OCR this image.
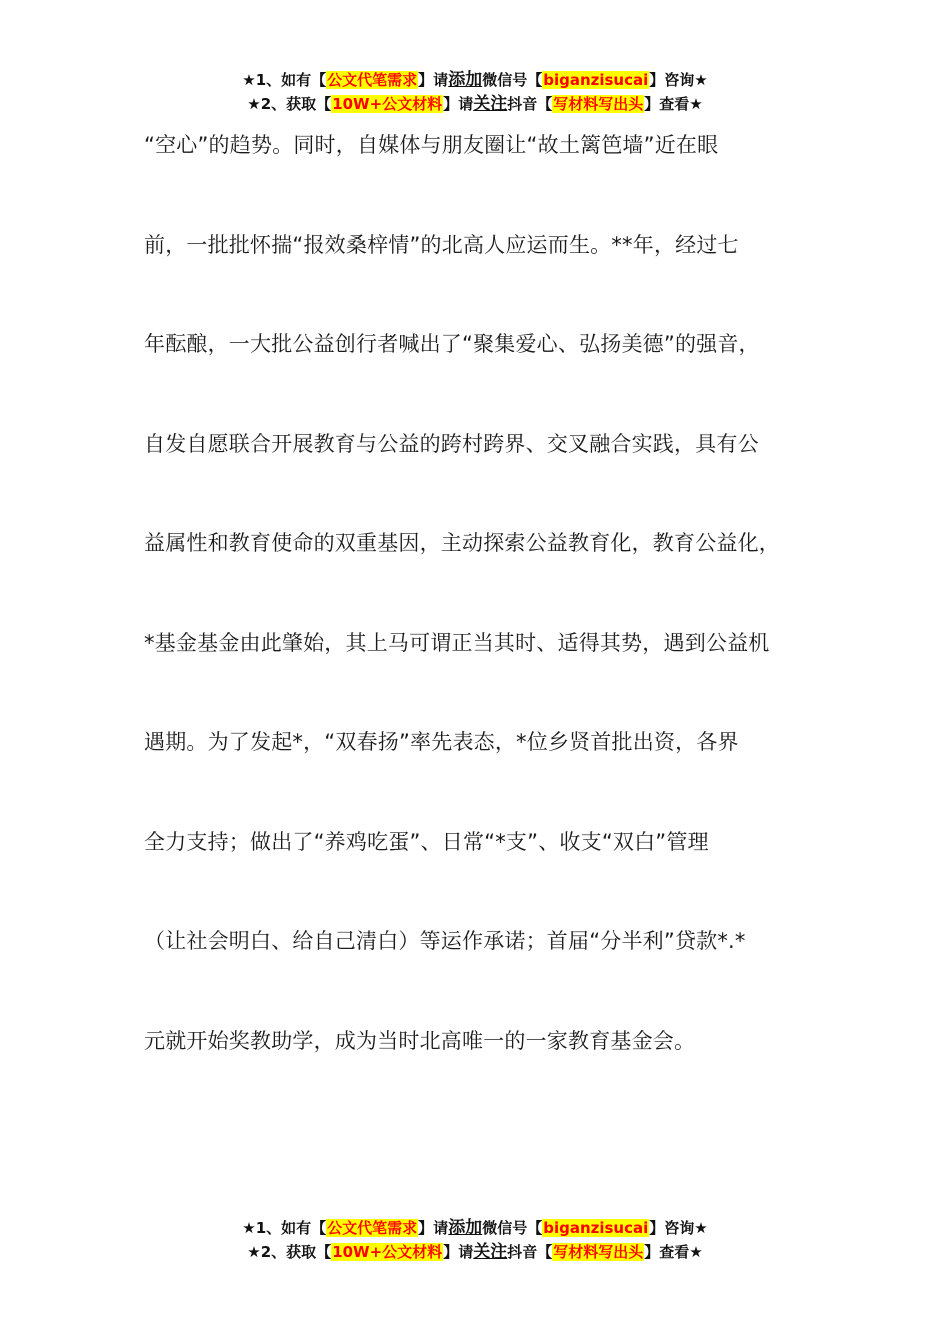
★1、如有【公文代笔需求】请添加微信号【biganzisucai】咨询★
★2、获取【10W+公文材料】请关注抖音【写材料写出头】查看★
“空心”的趋势。同时，自媒体与朋友圈让“故土篱笆墙”近在眼
前，一批批怀揣“报效桑梓情”的北高人应运而生。**年，经过七
年酝酿，一大批公益创行者喊出了“聚集爱心、弘扬美德”的强音，
自发自愿联合开展教育与公益的跨村跨界、交叉融合实践，具有公
益属性和教育使命的双重基因，主动探索公益教育化，教育公益化，
*基金基金由此肇始，其上马可谓正当其时、适得其势，遇到公益机
遇期。为了发起*，“双春扬”率先表态，*位乡贤首批出资，各界
全力支持；做出了“养鸡吃蛋”、日常“*支”、收支“双白”管理
（让社会明白、给自己清白）等运作承诺；首届“分半利”贷款*.*
元就开始奖教助学，成为当时北高唯一的一家教育基金会。
★1、如有【公文代笔需求】请添加微信号【biganzisucai】咨询★
★2、获取【10W+公文材料】请关注抖音【写材料写出头】查看★
